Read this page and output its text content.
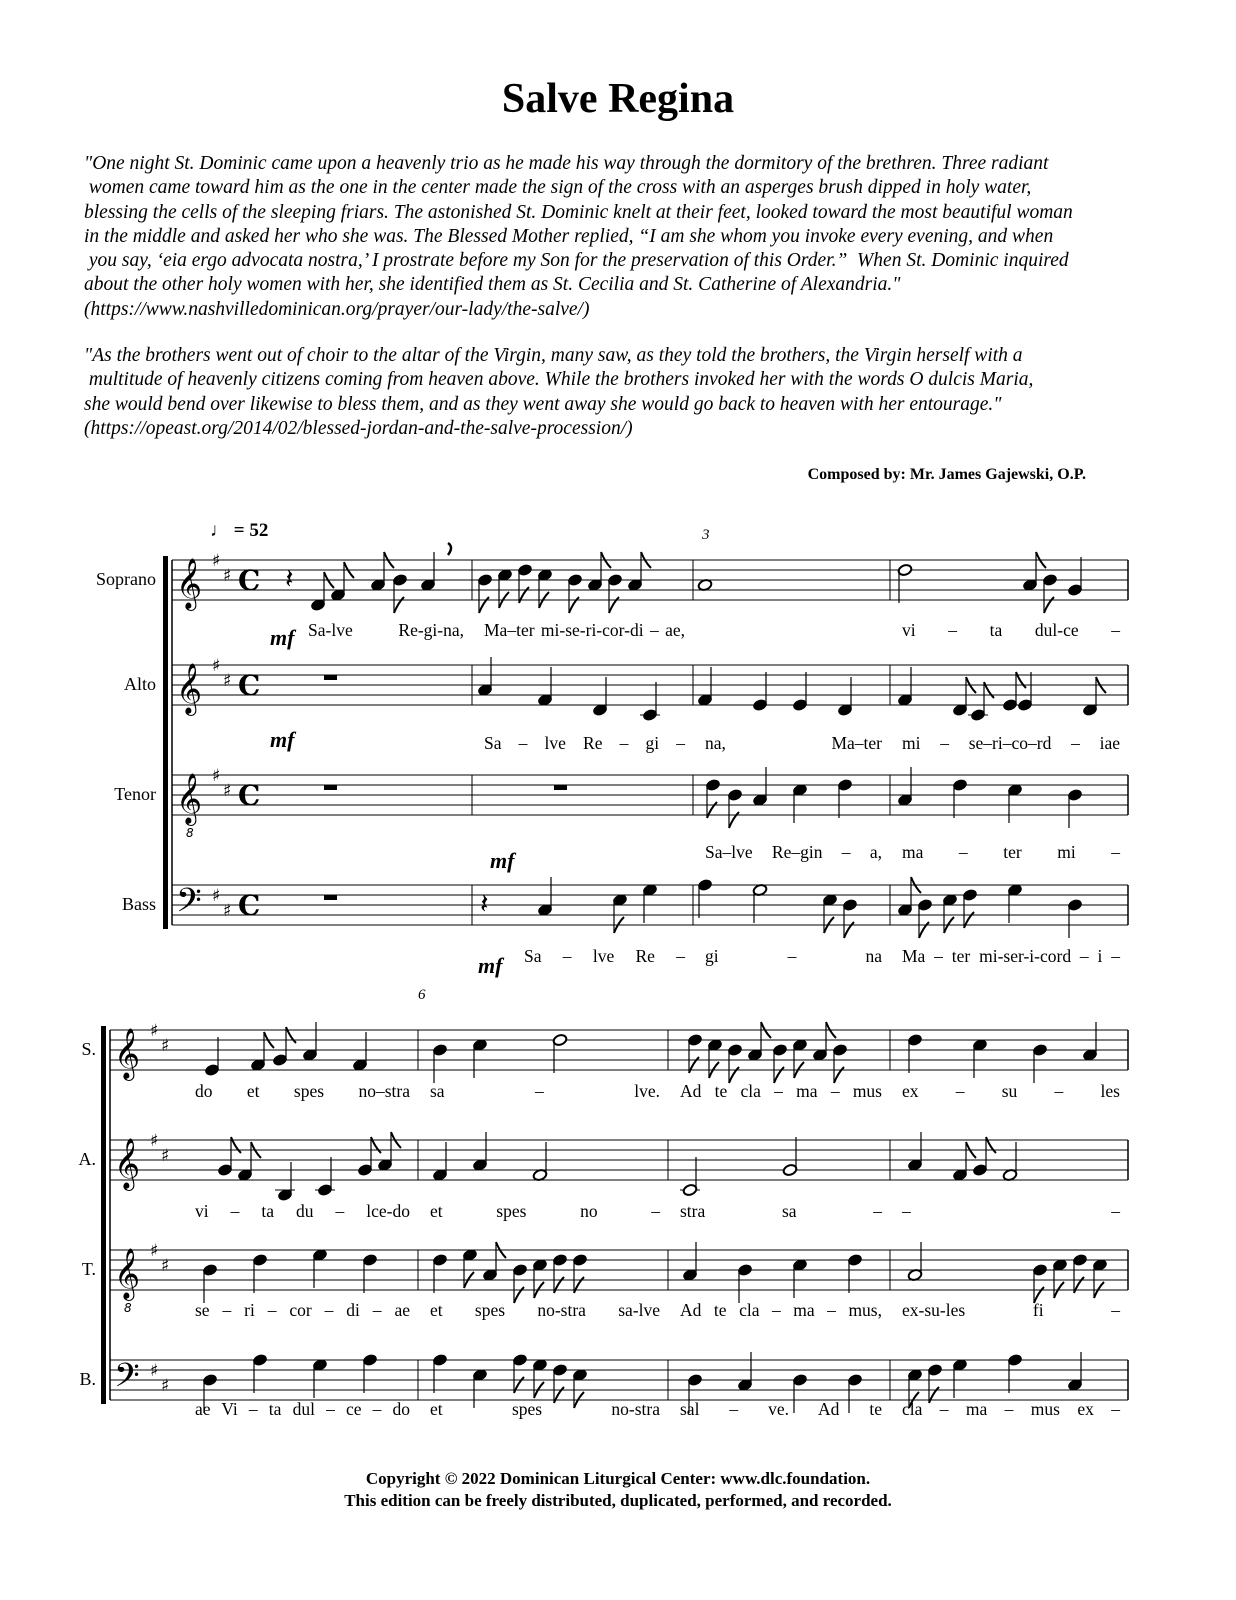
Salve Regina
"One night St. Dominic came upon a heavenly trio as he made his way through the dormitory of the brethren. Three radiant
women came toward him as the one in the center made the sign of the cross with an asperges brush dipped in holy water,
blessing the cells of the sleeping friars. The astonished St. Dominic knelt at their feet, looked toward the most beautiful woman
in the middle and asked her who she was. The Blessed Mother replied, “I am she whom you invoke every evening, and when
you say, ‘eia ergo advocata nostra,’ I prostrate before my Son for the preservation of this Order.”  When St. Dominic inquired
about the other holy women with her, she identified them as St. Cecilia and St. Catherine of Alexandria."
(https://www.nashvilledominican.org/prayer/our-lady/the-salve/)
"As the brothers went out of choir to the altar of the Virgin, many saw, as they told the brothers, the Virgin herself with a
multitude of heavenly citizens coming from heaven above. While the brothers invoked her with the words O dulcis Maria,
she would bend over likewise to bless them, and as they went away she would go back to heaven with her entourage."
(https://opeast.org/2014/02/blessed-jordan-and-the-salve-procession/)
Composed by: Mr. James Gajewski, O.P.
♩ = 52
𝄞 ♯
♯ C 𝄽
𝄞 ♯
♯ C
𝄞
8
♯
♯ C
𝄢 ♯
♯ C	𝄽
𝄞 ♯
♯
𝄞 ♯
♯
𝄞
8
♯
♯
𝄢 ♯
♯
Soprano
Sa-lve Re-gi-na, Ma–ter mi-se-ri-cor-di – ae,	vi – ta dul-ce –
Alto
Sa – lve Re – gi – na, Ma–ter mi – se–ri–co–rd – iae
Tenor
Sa–lve Re–gin – a, ma – ter mi –
Bass
Sa – lve Re – gi – na Ma – ter mi-ser-i-cord – i –
S.
do et spes no–stra sa – lve. Ad te cla – ma – mus ex – su – les
A.
vi – ta du – lce-do et spes no – stra sa – – –
T.
se – ri – cor – di – ae et spes no-stra sa-lve Ad te cla – ma – mus, ex-su-les fi –
B.
ae Vi – ta dul – ce – do et spes no-stra sal – ve. Ad te cla – ma – mus ex –
mf
mf
mf
mf
3
6
Copyright © 2022 Dominican Liturgical Center: www.dlc.foundation.
This edition can be freely distributed, duplicated, performed, and recorded.
